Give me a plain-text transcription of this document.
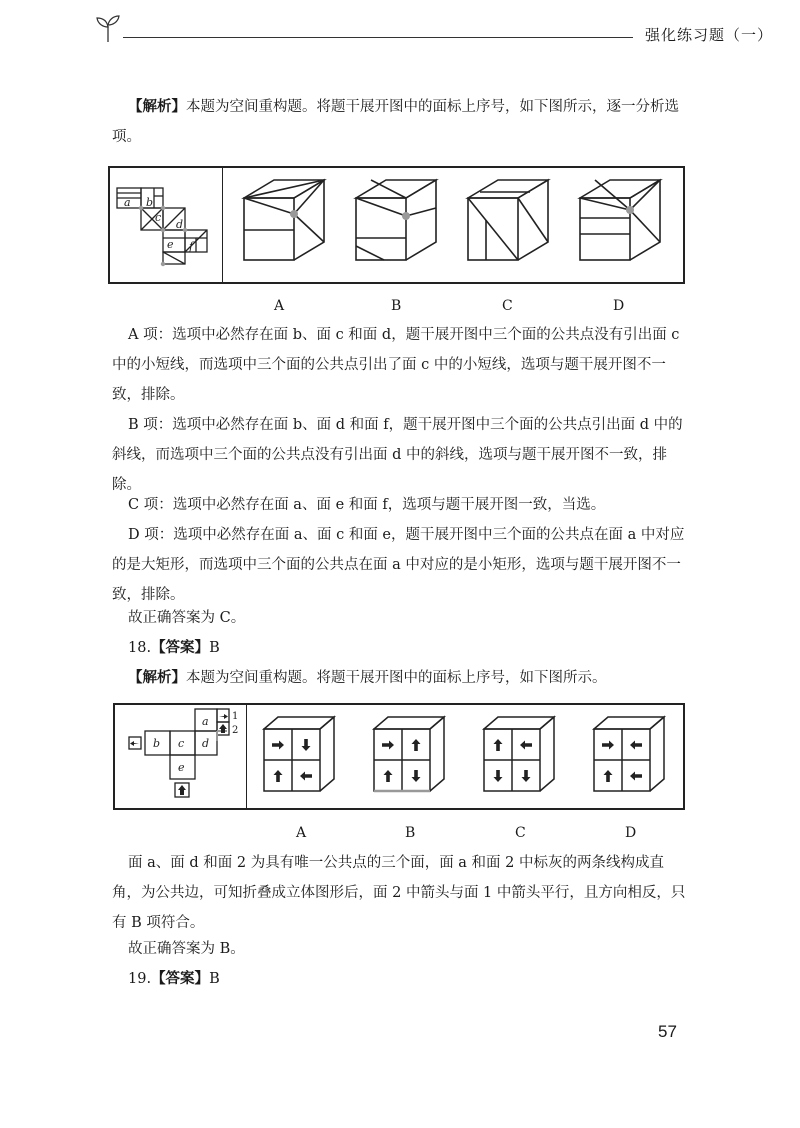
强化练习题（一）
【解析】本题为空间重构题。将题干展开图中的面标上序号，如下图所示，逐一分析选项。
a b
c
d
e f
A	B	C	D
A 项：选项中必然存在面 b、面 c 和面 d，题干展开图中三个面的公共点没有引出面 c 中的小短线，而选项中三个面的公共点引出了面 c 中的小短线，选项与题干展开图不一致，排除。
B 项：选项中必然存在面 b、面 d 和面 f，题干展开图中三个面的公共点引出面 d 中的斜线，而选项中三个面的公共点没有引出面 d 中的斜线，选项与题干展开图不一致，排除。
C 项：选项中必然存在面 a、面 e 和面 f，选项与题干展开图一致，当选。
D 项：选项中必然存在面 a、面 c 和面 e，题干展开图中三个面的公共点在面 a 中对应的是大矩形，而选项中三个面的公共点在面 a 中对应的是小矩形，选项与题干展开图不一致，排除。
故正确答案为 C。
18.【答案】B
【解析】本题为空间重构题。将题干展开图中的面标上序号，如下图所示。
a
b c d
e
1
2
A	B	C	D
面 a、面 d 和面 2 为具有唯一公共点的三个面，面 a 和面 2 中标灰的两条线构成直角，为公共边，可知折叠成立体图形后，面 2 中箭头与面 1 中箭头平行，且方向相反，只有 B 项符合。
故正确答案为 B。
19.【答案】B
57
